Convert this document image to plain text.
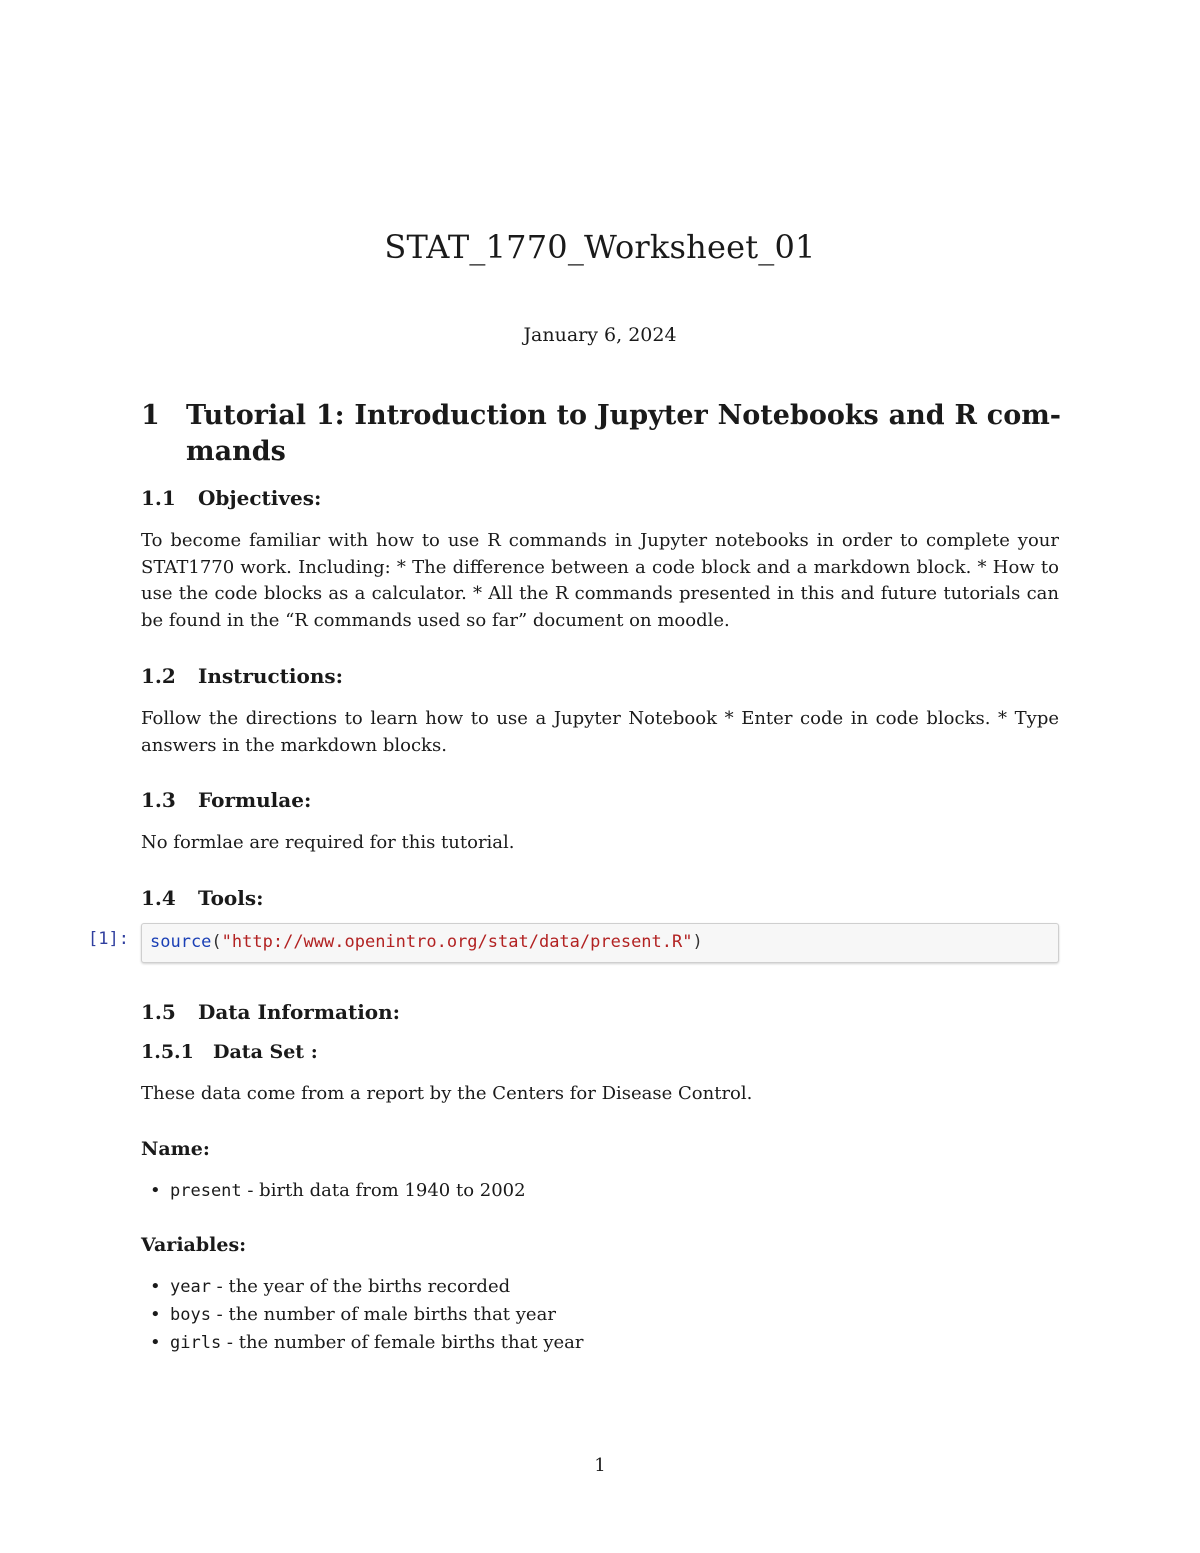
STAT_1770_Worksheet_01
January 6, 2024
1 Tutorial 1: Introduction to Jupyter Notebooks and R com- mands
1.1 Objectives:
To become familiar with how to use R commands in Jupyter notebooks in order to complete your STAT1770 work. Including: * The difference between a code block and a markdown block. * How to use the code blocks as a calculator. * All the R commands presented in this and future tutorials can be found in the “R commands used so far” document on moodle.
1.2 Instructions:
Follow the directions to learn how to use a Jupyter Notebook * Enter code in code blocks. * Type answers in the markdown blocks.
1.3 Formulae:
No formlae are required for this tutorial.
1.4 Tools:
[1]: source("http://www.openintro.org/stat/data/present.R")
1.5 Data Information:
1.5.1 Data Set :
These data come from a report by the Centers for Disease Control.
Name:
• present - birth data from 1940 to 2002
Variables:
• year - the year of the births recorded
• boys - the number of male births that year
• girls - the number of female births that year
1
